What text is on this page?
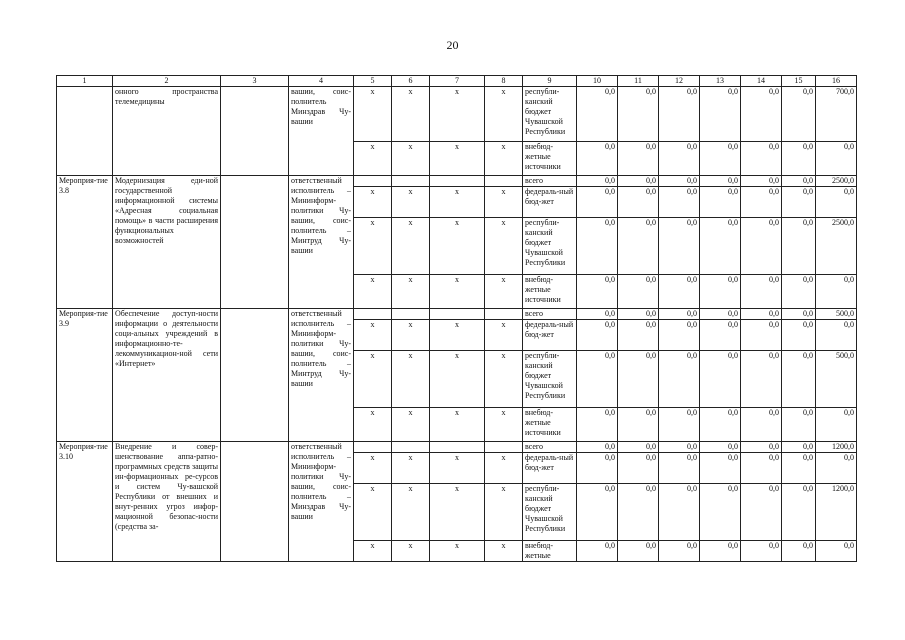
20
1	2	3	4	5	6	7	8	9	10	11	12	13	14	15	16
	онного пространства телемедицины		вашии, соис-полнитель Минздрав Чу-вашии	x	x	x	x	республи-канский бюджет Чувашской Республики	0,0	0,0	0,0	0,0	0,0	0,0	700,0
				x	x	x	x	внебюд-жетные источники	0,0	0,0	0,0	0,0	0,0	0,0	0,0
Мероприя-тие 3.8	Модернизация еди-ной государственной информационной системы «Адресная социальная помощь» в части расширения функциональных возможностей		ответственный исполнитель – Мининформ-политики Чу-вашии, соис-полнитель – Минтруд Чу-вашии					всего	0,0	0,0	0,0	0,0	0,0	0,0	2500,0
				x	x	x	x	федераль-ный бюд-жет	0,0	0,0	0,0	0,0	0,0	0,0	0,0
				x	x	x	x	республи-канский бюджет Чувашской Республики	0,0	0,0	0,0	0,0	0,0	0,0	2500,0
				x	x	x	x	внебюд-жетные источники	0,0	0,0	0,0	0,0	0,0	0,0	0,0
Мероприя-тие 3.9	Обеспечение доступ-ности информации о деятельности соци-альных учреждений в информационно-те-лекоммуникацион-ной сети «Интернет»		ответственный исполнитель – Мининформ-политики Чу-вашии, соис-полнитель – Минтруд Чу-вашии					всего	0,0	0,0	0,0	0,0	0,0	0,0	500,0
				x	x	x	x	федераль-ный бюд-жет	0,0	0,0	0,0	0,0	0,0	0,0	0,0
				x	x	x	x	республи-канский бюджет Чувашской Республики	0,0	0,0	0,0	0,0	0,0	0,0	500,0
				x	x	x	x	внебюд-жетные источники	0,0	0,0	0,0	0,0	0,0	0,0	0,0
Мероприя-тие 3.10	Внедрение и совер-шенствование аппа-ратно-программных средств защиты ин-формационных ре-сурсов и систем Чу-вашской Республики от внешних и внут-ренних угроз инфор-мационной безопас-ности (средства за-		ответственный исполнитель – Мининформ-политики Чу-вашии, соис-полнитель – Минздрав Чу-вашии					всего	0,0	0,0	0,0	0,0	0,0	0,0	1200,0
				x	x	x	x	федераль-ный бюд-жет	0,0	0,0	0,0	0,0	0,0	0,0	0,0
				x	x	x	x	республи-канский бюджет Чувашской Республики	0,0	0,0	0,0	0,0	0,0	0,0	1200,0
				x	x	x	x	внебюд-жетные	0,0	0,0	0,0	0,0	0,0	0,0	0,0
